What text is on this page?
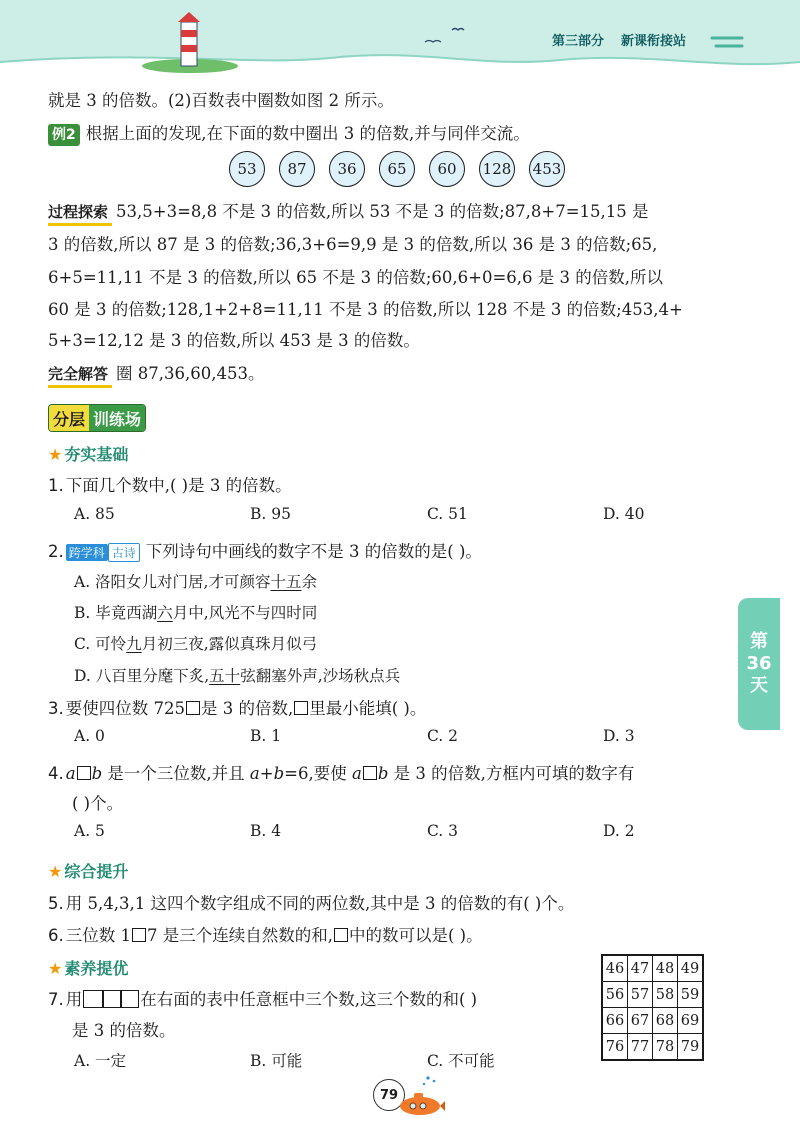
第三部分 新课衔接站
就是 3 的倍数。(2)百数表中圈数如图 2 所示。
例2 根据上面的发现,在下面的数中圈出 3 的倍数,并与同伴交流。
53	87	36	65	60	128 453
过程探索 53,5+3=8,8 不是 3 的倍数,所以 53 不是 3 的倍数;87,8+7=15,15 是
3 的倍数,所以 87 是 3 的倍数;36,3+6=9,9 是 3 的倍数,所以 36 是 3 的倍数;65,
6+5=11,11 不是 3 的倍数,所以 65 不是 3 的倍数;60,6+0=6,6 是 3 的倍数,所以
60 是 3 的倍数;128,1+2+8=11,11 不是 3 的倍数,所以 128 不是 3 的倍数;453,4+
5+3=12,12 是 3 的倍数,所以 453 是 3 的倍数。
完全解答 圈 87,36,60,453。
分层 训练场
★ 夯实基础
1. 下面几个数中,( )是 3 的倍数。
A. 85	B. 95	C. 51	D. 40
2. 跨学科 古诗 下列诗句中画线的数字不是 3 的倍数的是( )。
A. 洛阳女儿对门居,才可颜容十五余
B. 毕竟西湖六月中,风光不与四时同
C. 可怜九月初三夜,露似真珠月似弓
D. 八百里分麾下炙,五十弦翻塞外声,沙场秋点兵
3. 要使四位数 725 是 3 的倍数, 里最小能填( )。
A. 0	B. 1	C. 2	D. 3
4. a b 是一个三位数,并且 a+b=6,要使 a b 是 3 的倍数,方框内可填的数字有
( )个。
A. 5	B. 4	C. 3	D. 2
★ 综合提升
5. 用 5,4,3,1 这四个数字组成不同的两位数,其中是 3 的倍数的有( )个。
6. 三位数 1 7 是三个连续自然数的和, 中的数可以是( )。
★ 素养提优
7. 用	在右面的表中任意框中三个数,这三个数的和( )
是 3 的倍数。
A. 一定	B. 可能	C. 不可能
46	47	48	49
56	57	58	59
66	67	68	69
76	77	78	79
第
36
天
79
